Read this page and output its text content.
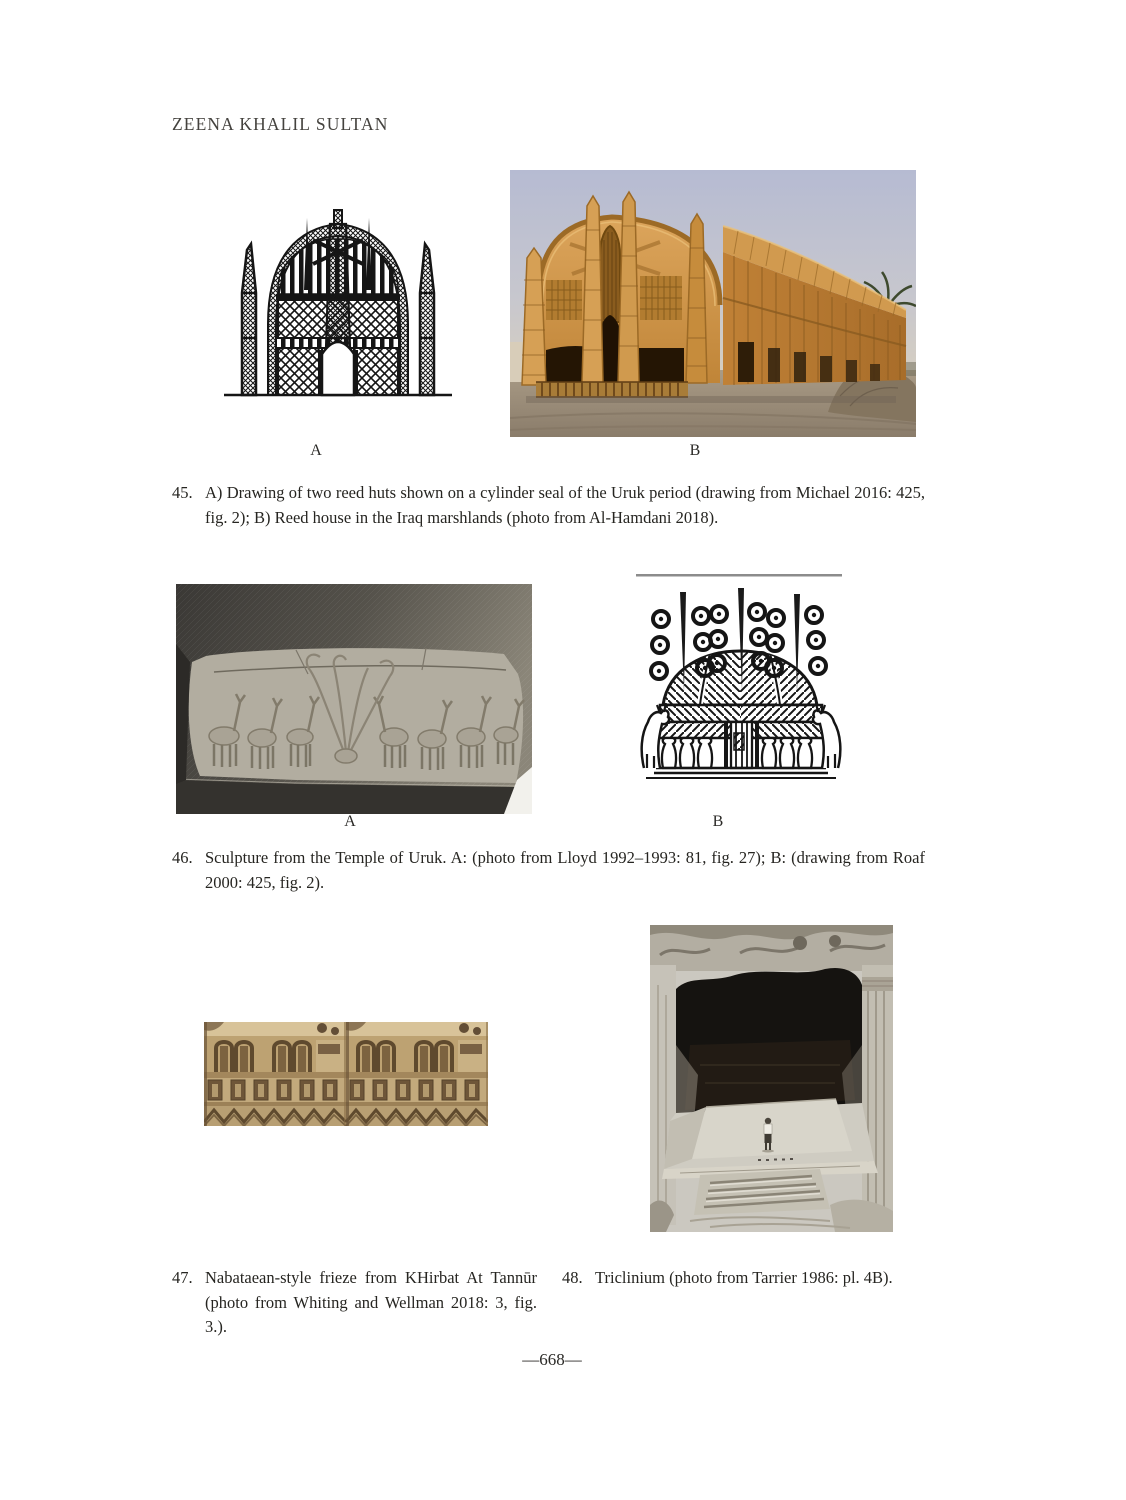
ZEENA KHALIL SULTAN
A	B
45. A) Drawing of two reed huts shown on a cylinder seal of the Uruk period (drawing from Michael 2016: 425, fig. 2); B) Reed house in the Iraq marshlands (photo from Al-Hamdani 2018).
A	B
46. Sculpture from the Temple of Uruk. A: (photo from Lloyd 1992–1993: 81, fig. 27); B: (drawing from Roaf 2000: 425, fig. 2).
47. Nabataean-style frieze from KHirbat At Tannūr (photo from Whiting and Wellman 2018: 3, fig. 3.).
48. Triclinium (photo from Tarrier 1986: pl. 4B).
—668—
